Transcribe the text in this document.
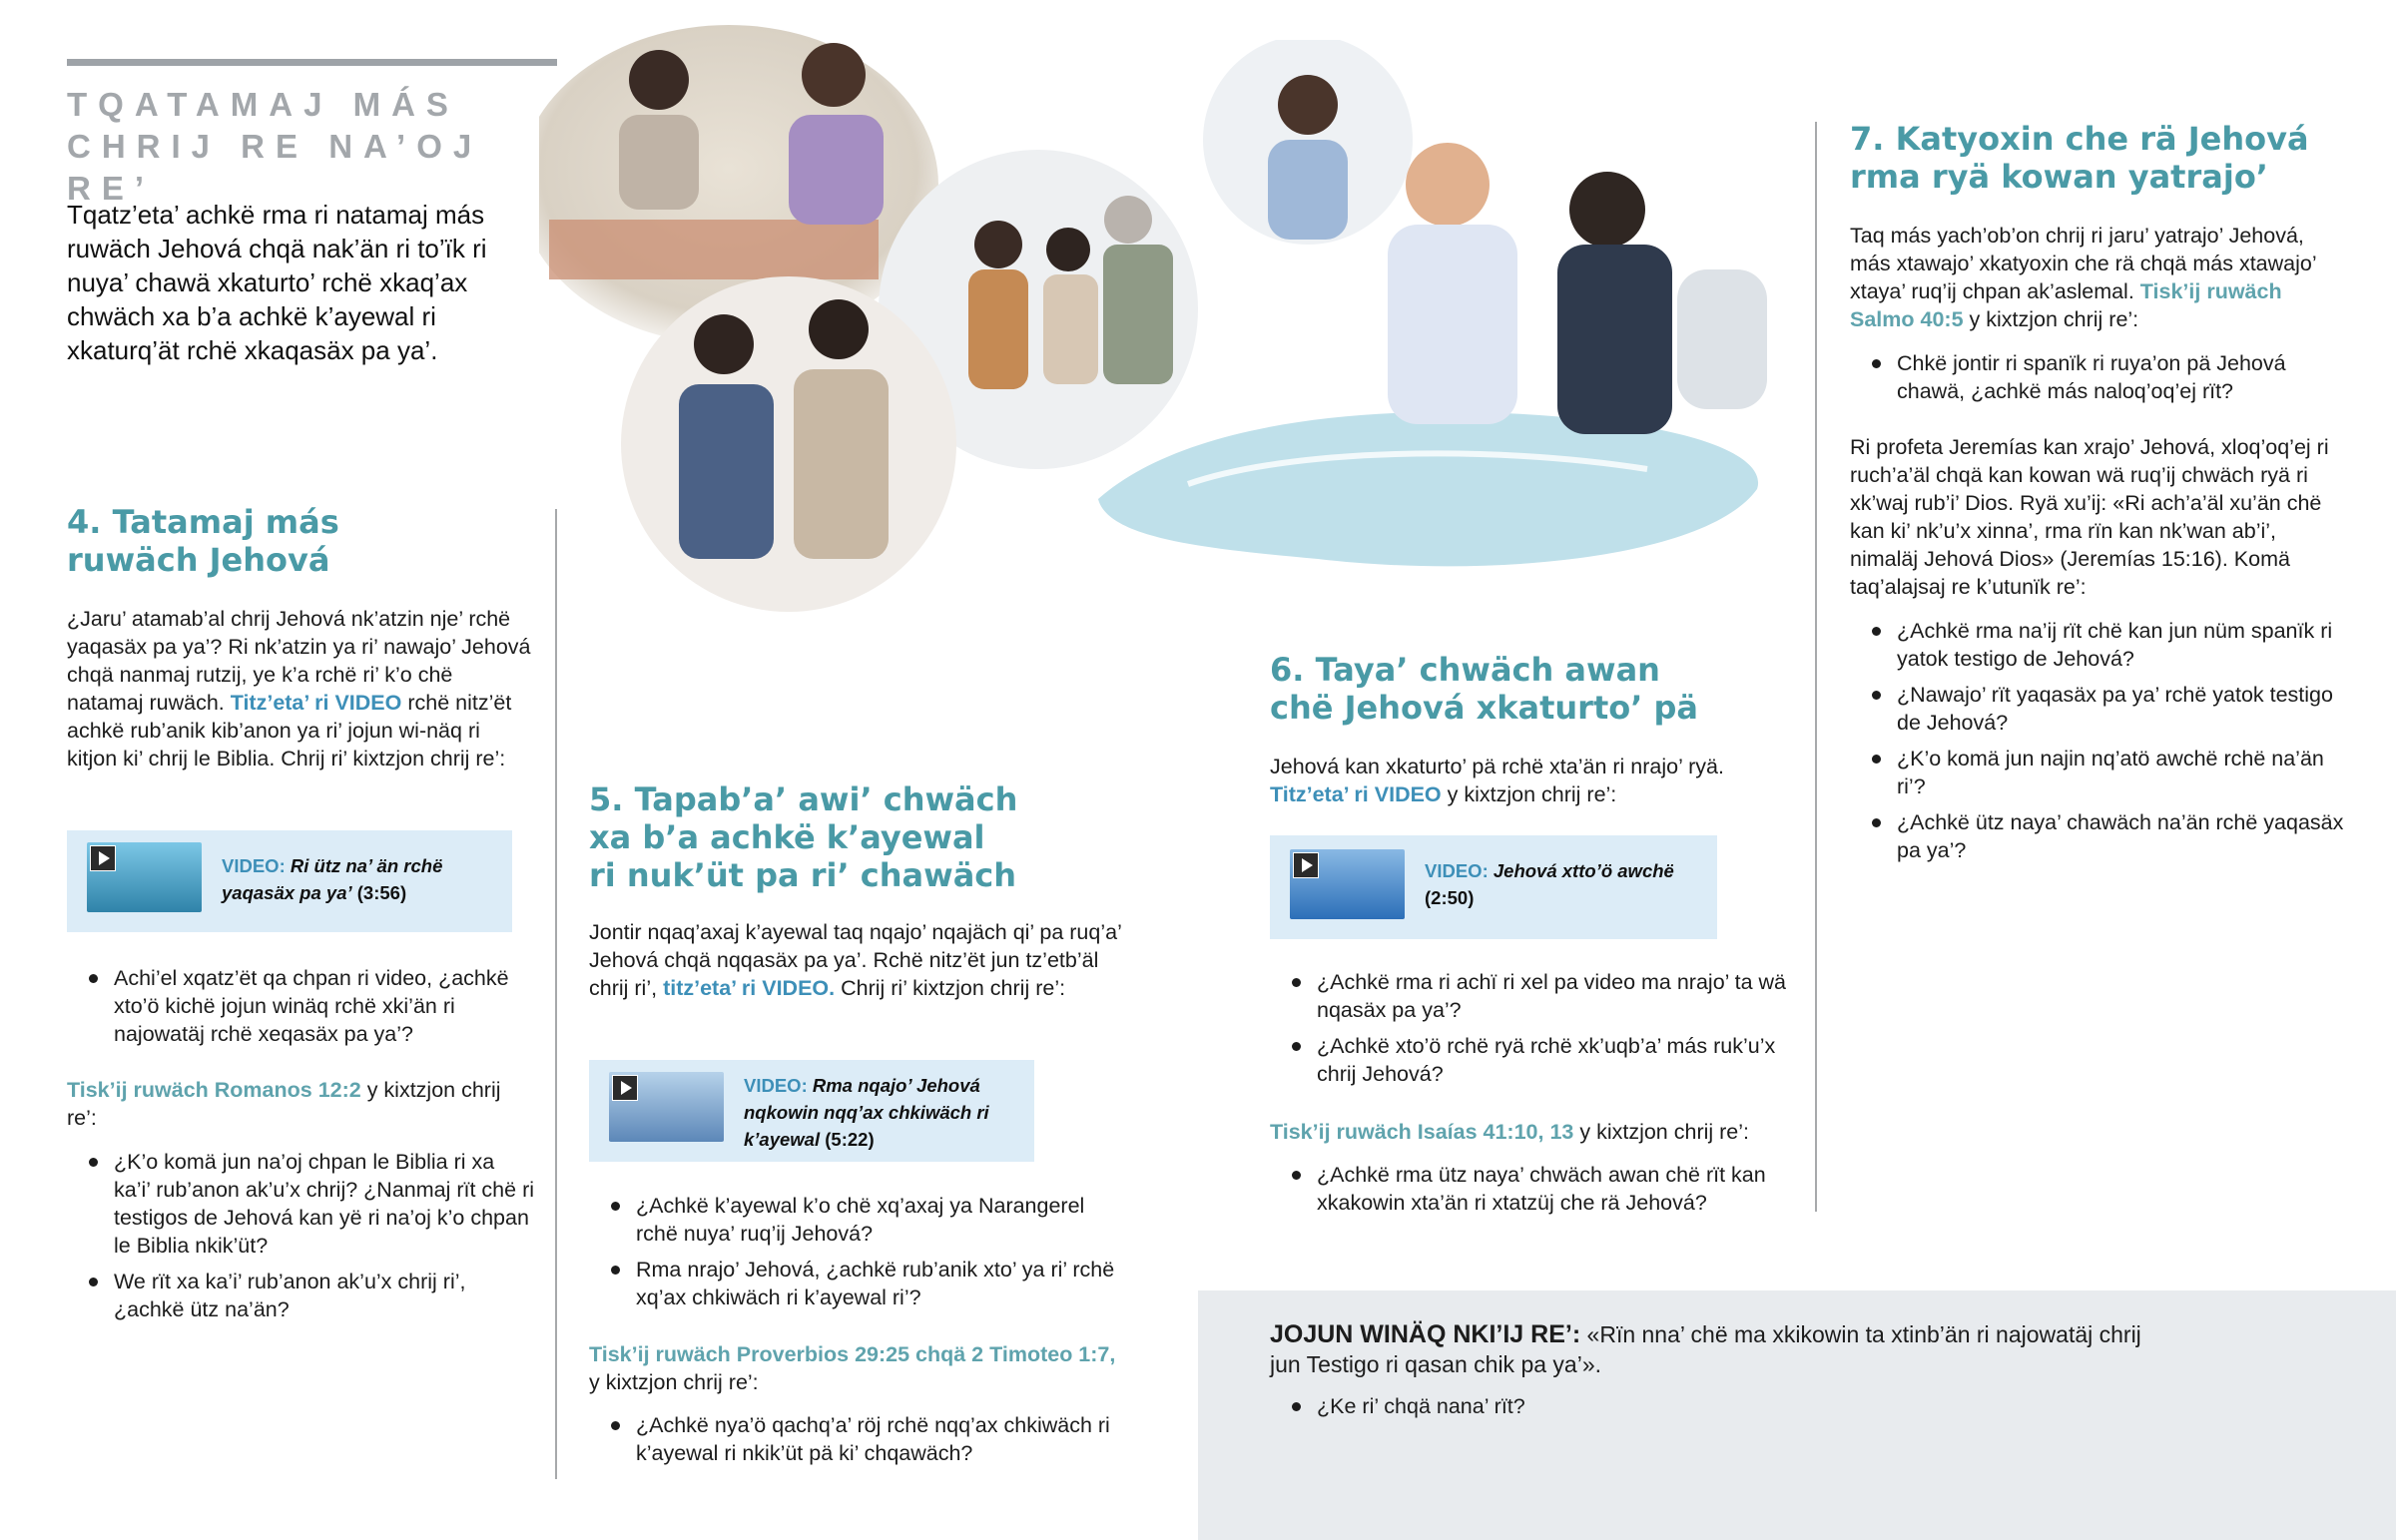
TQATAMAJ MÁS
CHRIJ RE NA’OJ RE’
Tqatz’eta’ achkë rma ri natamaj más ruwäch Jehová chqä nak’än ri to’ïk ri nuya’ chawä xkaturto’ rchë xkaq’ax chwäch xa b’a achkë k’ayewal ri xkaturq’ät rchë xkaqasäx pa ya’.
4. Tatamaj más
ruwäch Jehová
¿Jaru’ atamab’al chrij Jehová nk’atzin nje’ rchë yaqasäx pa ya’? Ri nk’atzin ya ri’ nawajo’ Jehová chqä nanmaj rutzij, ye k’a rchë ri’ k’o chë natamaj ruwäch. Titz’eta’ ri VIDEO rchë nitz’ët achkë rub’anik kib’anon ya ri’ jojun wi-näq ri kitjon ki’ chrij le Biblia. Chrij ri’ kixtzjon chrij re’:
VIDEO: Ri ütz na’ än rchë yaqasäx pa ya’ (3:56)
Achi’el xqatz’ët qa chpan ri video, ¿achkë xto’ö kichë jojun winäq rchë xki’än ri najowatäj rchë xeqasäx pa ya’?
Tisk’ij ruwäch Romanos 12:2 y kixtzjon chrij re’:
¿K’o komä jun na’oj chpan le Biblia ri xa ka’i’ rub’anon ak’u’x chrij? ¿Nanmaj rït chë ri testigos de Jehová kan yë ri na’oj k’o chpan le Biblia nkik’üt?
We rït xa ka’i’ rub’anon ak’u’x chrij ri’, ¿achkë ütz na’än?
5. Tapab’a’ awi’ chwäch
xa b’a achkë k’ayewal
ri nuk’üt pa ri’ chawäch
Jontir nqaq’axaj k’ayewal taq nqajo’ nqajäch qi’ pa ruq’a’ Jehová chqä nqqasäx pa ya’. Rchë nitz’ët jun tz’etb’äl chrij ri’, titz’eta’ ri VIDEO. Chrij ri’ kixtzjon chrij re’:
VIDEO: Rma nqajo’ Jehová nqkowin nqq’ax chkiwäch ri k’ayewal (5:22)
¿Achkë k’ayewal k’o chë xq’axaj ya Narangerel rchë nuya’ ruq’ij Jehová?
Rma nrajo’ Jehová, ¿achkë rub’anik xto’ ya ri’ rchë xq’ax chkiwäch ri k’ayewal ri’?
Tisk’ij ruwäch Proverbios 29:25 chqä 2 Timoteo 1:7, y kixtzjon chrij re’:
¿Achkë nya’ö qachq’a’ röj rchë nqq’ax chkiwäch ri k’ayewal ri nkik’üt pä ki’ chqawäch?
6. Taya’ chwäch awan
chë Jehová xkaturto’ pä
Jehová kan xkaturto’ pä rchë xta’än ri nrajo’ ryä. Titz’eta’ ri VIDEO y kixtzjon chrij re’:
VIDEO: Jehová xtto’ö awchë (2:50)
¿Achkë rma ri achï ri xel pa video ma nrajo’ ta wä nqasäx pa ya’?
¿Achkë xto’ö rchë ryä rchë xk’uqb’a’ más ruk’u’x chrij Jehová?
Tisk’ij ruwäch Isaías 41:10, 13 y kixtzjon chrij re’:
¿Achkë rma ütz naya’ chwäch awan chë rït kan xkakowin xta’än ri xtatzüj che rä Jehová?
7. Katyoxin che rä Jehová
rma ryä kowan yatrajo’
Taq más yach’ob’on chrij ri jaru’ yatrajo’ Jehová, más xtawajo’ xkatyoxin che rä chqä más xtawajo’ xtaya’ ruq’ij chpan ak’aslemal. Tisk’ij ruwäch Salmo 40:5 y kixtzjon chrij re’:
Chkë jontir ri spanïk ri ruya’on pä Jehová chawä, ¿achkë más naloq’oq’ej rït?
Ri profeta Jeremías kan xrajo’ Jehová, xloq’oq’ej ri ruch’a’äl chqä kan kowan wä ruq’ij chwäch ryä ri xk’waj rub’i’ Dios. Ryä xu’ij: «Ri ach’a’äl xu’än chë kan ki’ nk’u’x xinna’, rma rïn kan nk’wan ab’i’, nimaläj Jehová Dios» (Jeremías 15:16). Komä taq’alajsaj re k’utunïk re’:
¿Achkë rma na’ij rït chë kan jun nüm spanïk ri yatok testigo de Jehová?
¿Nawajo’ rït yaqasäx pa ya’ rchë yatok testigo de Jehová?
¿K’o komä jun najin nq’atö awchë rchë na’än ri’?
¿Achkë ütz naya’ chawäch na’än rchë yaqasäx pa ya’?
JOJUN WINÄQ NKI’IJ RE’: «Rïn nna’ chë ma xkikowin ta xtinb’än ri najowatäj chrij jun Testigo ri qasan chik pa ya’».
¿Ke ri’ chqä nana’ rït?
